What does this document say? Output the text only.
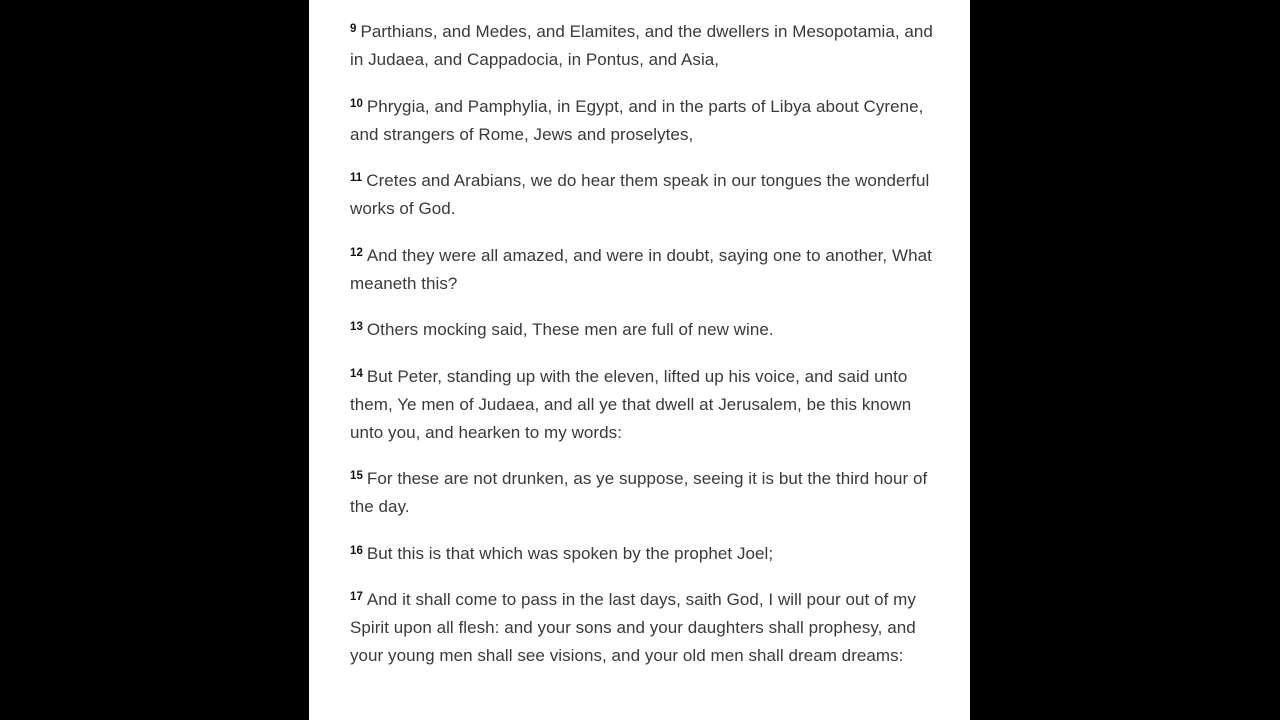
$^9$ Parthians, and Medes, and Elamites, and the dwellers in Mesopotamia, and in Judaea, and Cappadocia, in Pontus, and Asia,
$^{10}$ Phrygia, and Pamphylia, in Egypt, and in the parts of Libya about Cyrene, and strangers of Rome, Jews and proselytes,
$^{11}$ Cretes and Arabians, we do hear them speak in our tongues the wonderful works of God.
$^{12}$ And they were all amazed, and were in doubt, saying one to another, What meaneth this?
$^{13}$ Others mocking said, These men are full of new wine.
$^{14}$ But Peter, standing up with the eleven, lifted up his voice, and said unto them, Ye men of Judaea, and all ye that dwell at Jerusalem, be this known unto you, and hearken to my words:
$^{15}$ For these are not drunken, as ye suppose, seeing it is but the third hour of the day.
$^{16}$ But this is that which was spoken by the prophet Joel;
$^{17}$ And it shall come to pass in the last days, saith God, I will pour out of my Spirit upon all flesh: and your sons and your daughters shall prophesy, and your young men shall see visions, and your old men shall dream dreams:
